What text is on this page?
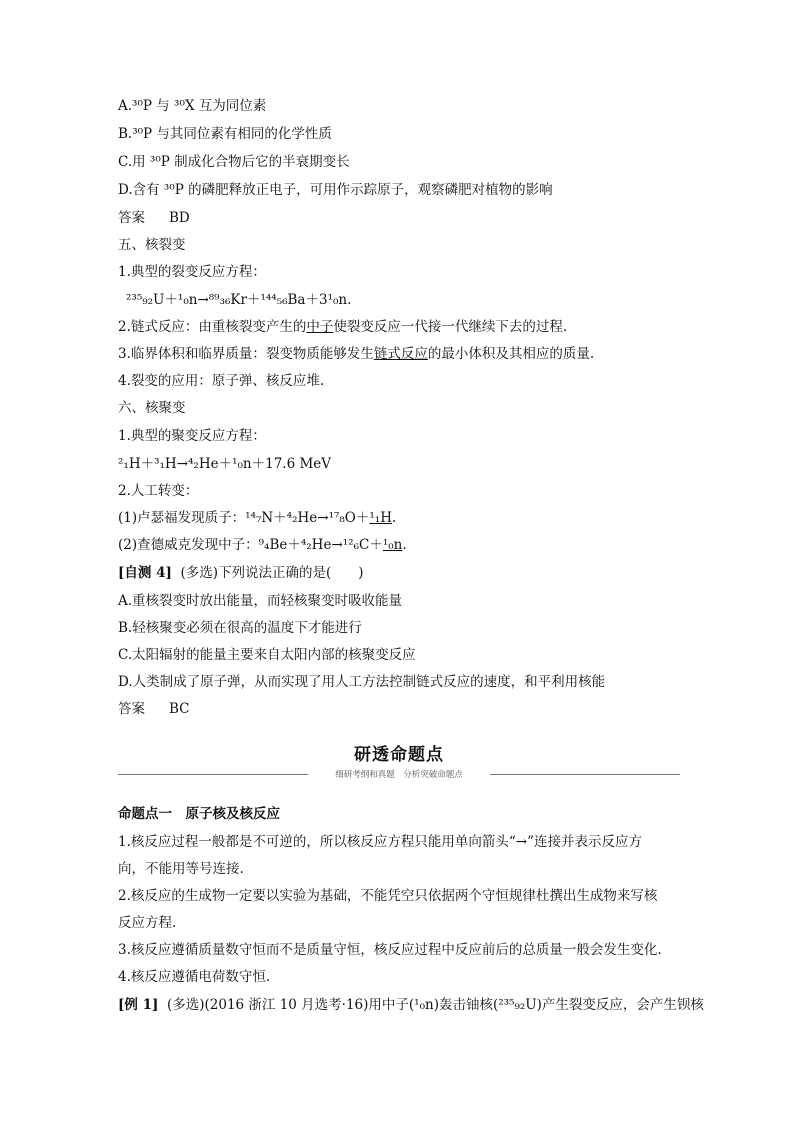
A.³⁰P 与 ³⁰X 互为同位素
B.³⁰P 与其同位素有相同的化学性质
C.用 ³⁰P 制成化合物后它的半衰期变长
D.含有 ³⁰P 的磷肥释放正电子，可用作示踪原子，观察磷肥对植物的影响
答案 BD
五、核裂变
1.典型的裂变反应方程：
²³⁵₉₂U＋¹₀n→⁸⁹₃₆Kr＋¹⁴⁴₅₆Ba＋3¹₀n.
2.链式反应：由重核裂变产生的中子使裂变反应一代接一代继续下去的过程.
3.临界体积和临界质量：裂变物质能够发生链式反应的最小体积及其相应的质量.
4.裂变的应用：原子弹、核反应堆.
六、核聚变
1.典型的聚变反应方程：
²₁H＋³₁H→⁴₂He＋¹₀n＋17.6 MeV
2.人工转变：
(1)卢瑟福发现质子：¹⁴₇N＋⁴₂He→¹⁷₈O＋¹₁H.
(2)查德威克发现中子：⁹₄Be＋⁴₂He→¹²₆C＋¹₀n.
[自测 4] (多选)下列说法正确的是(　　)
A.重核裂变时放出能量，而轻核聚变时吸收能量
B.轻核聚变必须在很高的温度下才能进行
C.太阳辐射的能量主要来自太阳内部的核聚变反应
D.人类制成了原子弹，从而实现了用人工方法控制链式反应的速度，和平利用核能
答案 BC
研透命题点
细研考纲和真题　分析突破命题点
命题点一　原子核及核反应
1.核反应过程一般都是不可逆的，所以核反应方程只能用单向箭头“→”连接并表示反应方
向，不能用等号连接.
2.核反应的生成物一定要以实验为基础，不能凭空只依据两个守恒规律杜撰出生成物来写核
反应方程.
3.核反应遵循质量数守恒而不是质量守恒，核反应过程中反应前后的总质量一般会发生变化.
4.核反应遵循电荷数守恒.
[例 1] (多选)(2016 浙江 10 月选考·16)用中子(¹₀n)轰击铀核(²³⁵₉₂U)产生裂变反应，会产生钡核
